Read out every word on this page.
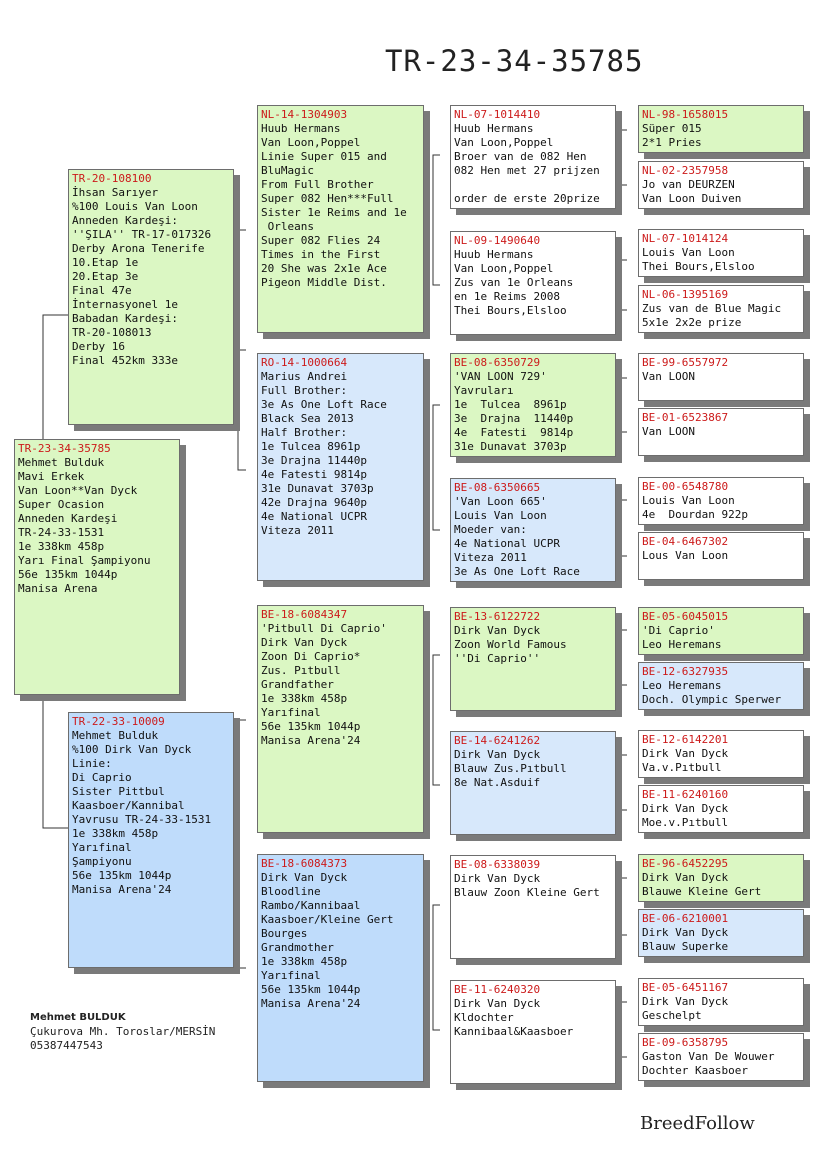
TR-23-34-35785
TR-23-34-35785
Mehmet Bulduk
Mavi Erkek
Van Loon**Van Dyck
Super Ocasion
Anneden Kardeşi
TR-24-33-1531
1e 338km 458p
Yarı Final Şampiyonu
56e 135km 1044p
Manisa Arena
TR-20-108100
İhsan Sarıyer
%100 Louis Van Loon
Anneden Kardeşi:
''ŞILA'' TR-17-017326
Derby Arona Tenerife
10.Etap 1e
20.Etap 3e
Final 47e
İnternasyonel 1e
Babadan Kardeşi:
TR-20-108013
Derby 16
Final 452km 333e
TR-22-33-10009
Mehmet Bulduk
%100 Dirk Van Dyck
Linie:
Di Caprio
Sister Pittbul
Kaasboer/Kannibal
Yavrusu TR-24-33-1531
1e 338km 458p
Yarıfinal
Şampiyonu
56e 135km 1044p
Manisa Arena'24
NL-14-1304903
Huub Hermans
Van Loon,Poppel
Linie Super 015 and
BluMagic
From Full Brother
Super 082 Hen***Full
Sister 1e Reims and 1e
Orleans
Super 082 Flies 24
Times in the First
20 She was 2x1e Ace
Pigeon Middle Dist.
RO-14-1000664
Marius Andrei
Full Brother:
3e As One Loft Race
Black Sea 2013
Half Brother:
1e Tulcea 8961p
3e Drajna 11440p
4e Fatesti 9814p
31e Dunavat 3703p
42e Drajna 9640p
4e National UCPR
Viteza 2011
BE-18-6084347
'Pitbull Di Caprio'
Dirk Van Dyck
Zoon Di Caprio*
Zus. Pıtbull
Grandfather
1e 338km 458p
Yarıfinal
56e 135km 1044p
Manisa Arena'24
BE-18-6084373
Dirk Van Dyck
Bloodline
Rambo/Kannibaal
Kaasboer/Kleine Gert
Bourges
Grandmother
1e 338km 458p
Yarıfinal
56e 135km 1044p
Manisa Arena'24
NL-07-1014410
Huub Hermans
Van Loon,Poppel
Broer van de 082 Hen
082 Hen met 27 prijzen
order de erste 20prize
NL-09-1490640
Huub Hermans
Van Loon,Poppel
Zus van 1e Orleans
en 1e Reims 2008
Thei Bours,Elsloo
BE-08-6350729
'VAN LOON 729'
Yavruları
1e  Tulcea  8961p
3e  Drajna  11440p
4e  Fatesti  9814p
31e Dunavat 3703p
BE-08-6350665
'Van Loon 665'
Louis Van Loon
Moeder van:
4e National UCPR
Viteza 2011
3e As One Loft Race
BE-13-6122722
Dirk Van Dyck
Zoon World Famous
''Di Caprio''
BE-14-6241262
Dirk Van Dyck
Blauw Zus.Pıtbull
8e Nat.Asduif
BE-08-6338039
Dirk Van Dyck
Blauw Zoon Kleine Gert
BE-11-6240320
Dirk Van Dyck
Kldochter
Kannibaal&Kaasboer
NL-98-1658015
Süper 015
2*1 Pries
NL-02-2357958
Jo van DEURZEN
Van Loon Duiven
NL-07-1014124
Louis Van Loon
Thei Bours,Elsloo
NL-06-1395169
Zus van de Blue Magic
5x1e 2x2e prize
BE-99-6557972
Van LOON
BE-01-6523867
Van LOON
BE-00-6548780
Louis Van Loon
4e  Dourdan 922p
BE-04-6467302
Lous Van Loon
BE-05-6045015
'Di Caprio'
Leo Heremans
BE-12-6327935
Leo Heremans
Doch. Olympic Sperwer
BE-12-6142201
Dirk Van Dyck
Va.v.Pıtbull
BE-11-6240160
Dirk Van Dyck
Moe.v.Pıtbull
BE-96-6452295
Dirk Van Dyck
Blauwe Kleine Gert
BE-06-6210001
Dirk Van Dyck
Blauw Superke
BE-05-6451167
Dirk Van Dyck
Geschelpt
BE-09-6358795
Gaston Van De Wouwer
Dochter Kaasboer
Mehmet BULDUK
Çukurova Mh. Toroslar/MERSİN
05387447543
BreedFollow
